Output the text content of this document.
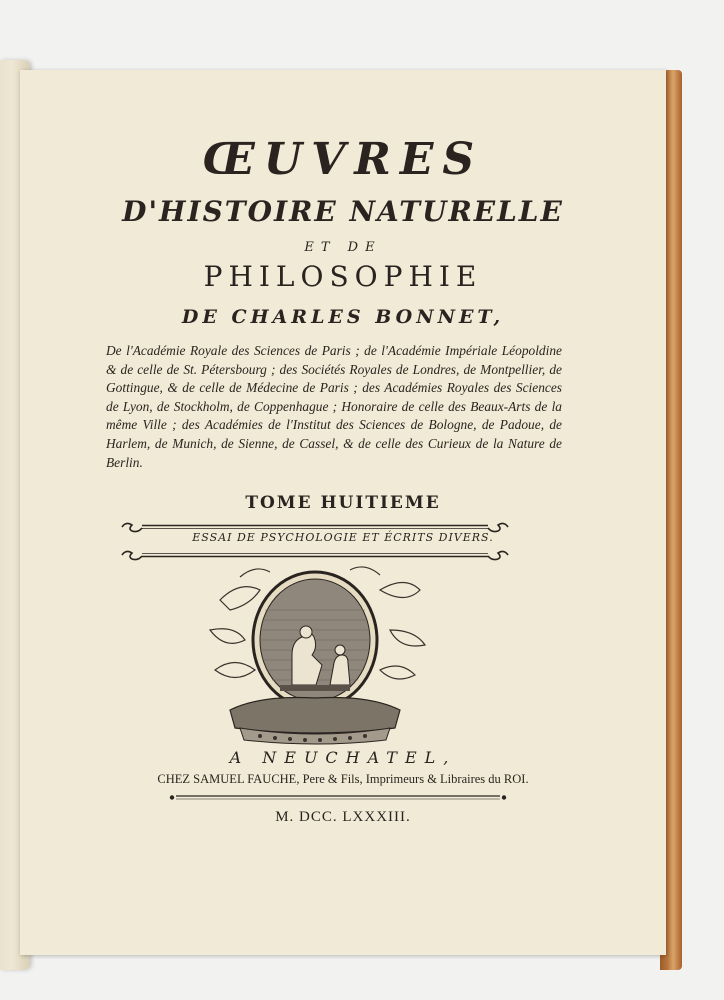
ŒUVRES
D'HISTOIRE NATURELLE
ET DE
PHILOSOPHIE
DE CHARLES BONNET,
De l'Académie Royale des Sciences de Paris ; de l'Académie Impériale Léopoldine & de celle de St. Pétersbourg ; des Sociétés Royales de Londres, de Montpellier, de Gottingue, & de celle de Médecine de Paris ; des Académies Royales des Sciences de Lyon, de Stockholm, de Coppenhague ; Honoraire de celle des Beaux-Arts de la même Ville ; des Académies de l'Institut des Sciences de Bologne, de Padoue, de Harlem, de Munich, de Sienne, de Cassel, & de celle des Curieux de la Nature de Berlin.
TOME HUITIEME
ESSAI DE PSYCHOLOGIE ET ÉCRITS DIVERS.
A NEUCHATEL,
CHEZ SAMUEL FAUCHE, Pere & Fils, Imprimeurs & Libraires du ROI.
M. DCC. LXXXIII.
